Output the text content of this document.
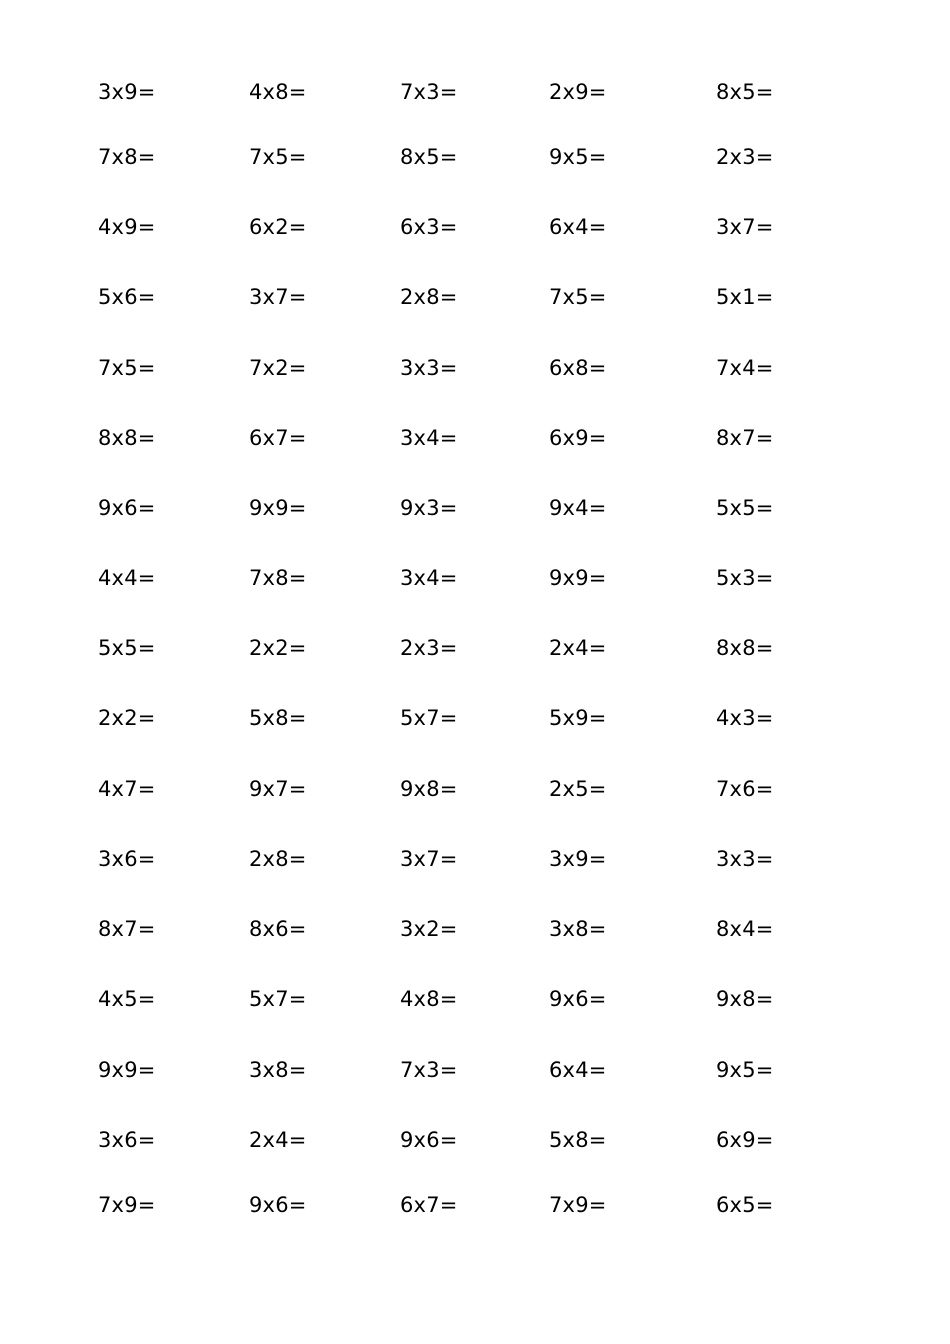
3x9=	4x8=	7x3=	2x9=	8x5=
7x8=	7x5=	8x5=	9x5=	2x3=
4x9=	6x2=	6x3=	6x4=	3x7=
5x6=	3x7=	2x8=	7x5=	5x1=
7x5=	7x2=	3x3=	6x8=	7x4=
8x8=	6x7=	3x4=	6x9=	8x7=
9x6=	9x9=	9x3=	9x4=	5x5=
4x4=	7x8=	3x4=	9x9=	5x3=
5x5=	2x2=	2x3=	2x4=	8x8=
2x2=	5x8=	5x7=	5x9=	4x3=
4x7=	9x7=	9x8=	2x5=	7x6=
3x6=	2x8=	3x7=	3x9=	3x3=
8x7=	8x6=	3x2=	3x8=	8x4=
4x5=	5x7=	4x8=	9x6=	9x8=
9x9=	3x8=	7x3=	6x4=	9x5=
3x6=	2x4=	9x6=	5x8=	6x9=
7x9=	9x6=	6x7=	7x9=	6x5=
